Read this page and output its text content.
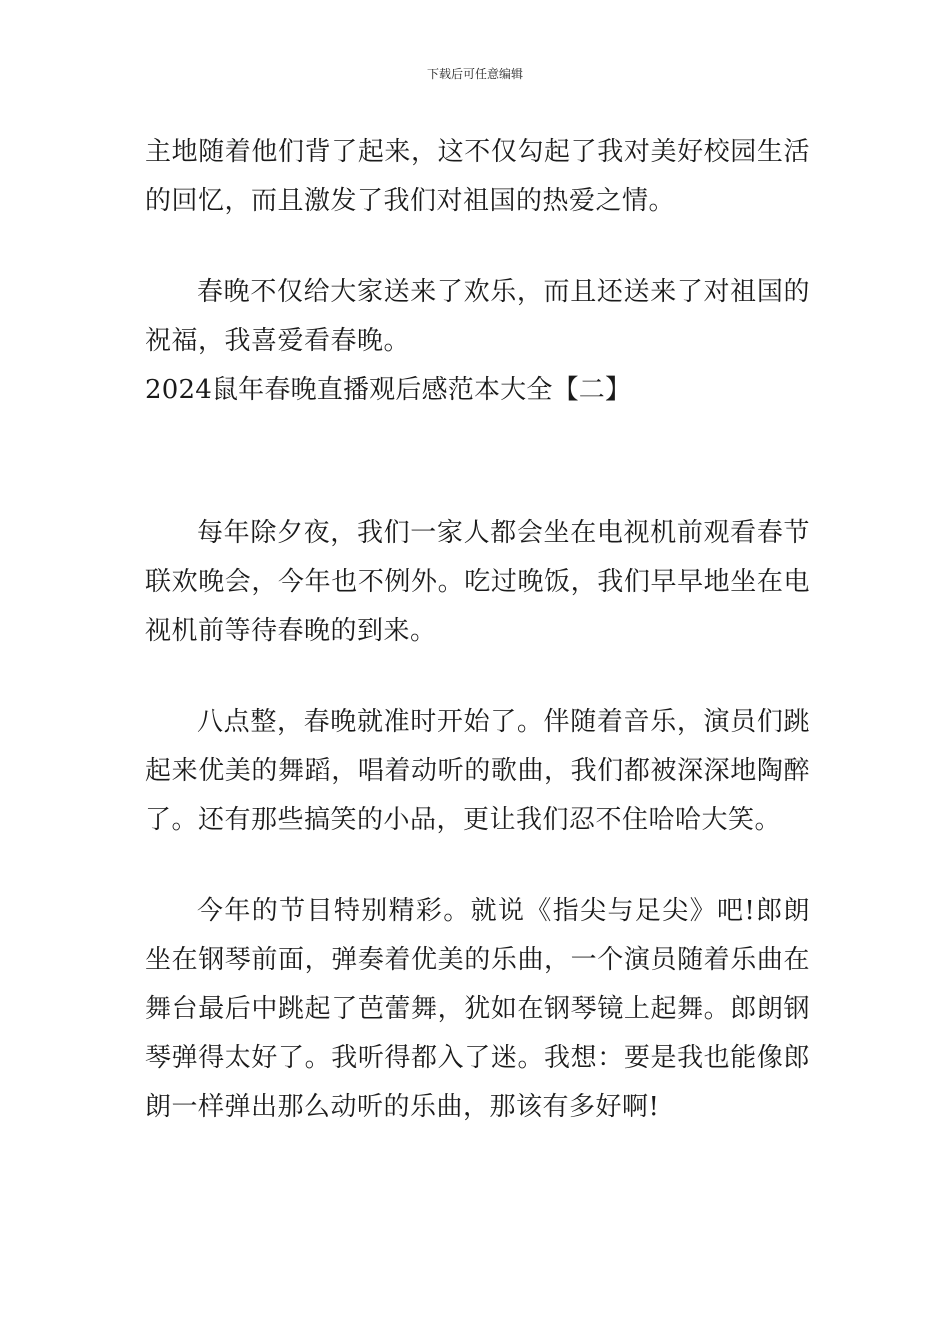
下载后可任意编辑

主地随着他们背了起来，这不仅勾起了我对美好校园生活的回忆，而且激发了我们对祖国的热爱之情。

春晚不仅给大家送来了欢乐，而且还送来了对祖国的祝福，我喜爱看春晚。

2024鼠年春晚直播观后感范本大全【二】

每年除夕夜，我们一家人都会坐在电视机前观看春节联欢晚会，今年也不例外。吃过晚饭，我们早早地坐在电视机前等待春晚的到来。

八点整，春晚就准时开始了。伴随着音乐，演员们跳起来优美的舞蹈，唱着动听的歌曲，我们都被深深地陶醉了。还有那些搞笑的小品，更让我们忍不住哈哈大笑。

今年的节目特别精彩。就说《指尖与足尖》吧!郎朗坐在钢琴前面，弹奏着优美的乐曲，一个演员随着乐曲在舞台最后中跳起了芭蕾舞，犹如在钢琴镜上起舞。郎朗钢琴弹得太好了。我听得都入了迷。我想：要是我也能像郎朗一样弹出那么动听的乐曲，那该有多好啊!
